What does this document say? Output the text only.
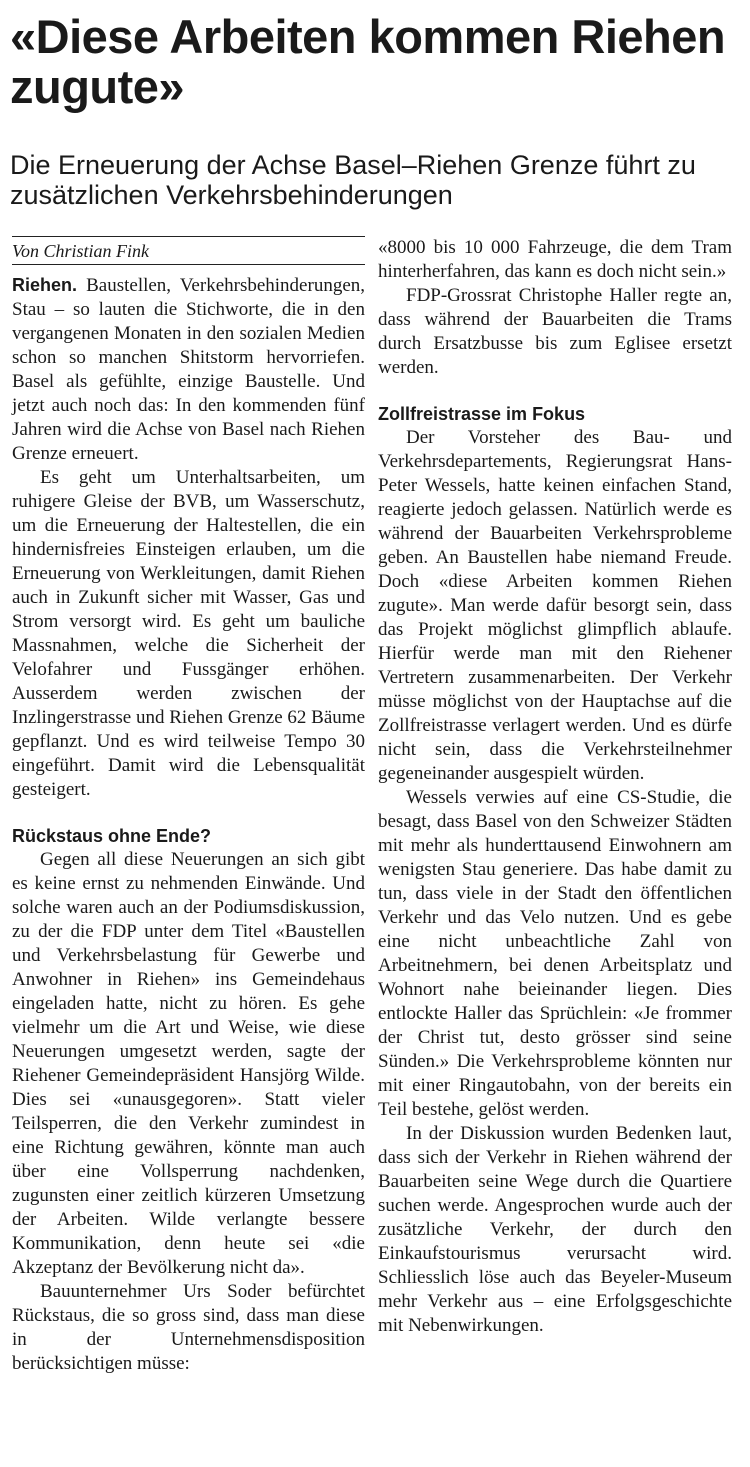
«Diese Arbeiten kommen Riehen zugute»
Die Erneuerung der Achse Basel–Riehen Grenze führt zu zusätzlichen Verkehrsbehinderungen
Von Christian Fink

Riehen. Baustellen, Verkehrsbehinderungen, Stau – so lauten die Stichworte, die in den vergangenen Monaten in den sozialen Medien schon so manchen Shitstorm hervorriefen. Basel als gefühlte, einzige Baustelle. Und jetzt auch noch das: In den kommenden fünf Jahren wird die Achse von Basel nach Riehen Grenze erneuert.

Es geht um Unterhaltsarbeiten, um ruhigere Gleise der BVB, um Wasserschutz, um die Erneuerung der Haltestellen, die ein hindernisfreies Einsteigen erlauben, um die Erneuerung von Werkleitungen, damit Riehen auch in Zukunft sicher mit Wasser, Gas und Strom versorgt wird. Es geht um bauliche Massnahmen, welche die Sicherheit der Velofahrer und Fussgänger erhöhen. Ausserdem werden zwischen der Inzlingerstrasse und Riehen Grenze 62 Bäume gepflanzt. Und es wird teilweise Tempo 30 eingeführt. Damit wird die Lebensqualität gesteigert.

Rückstaus ohne Ende?

Gegen all diese Neuerungen an sich gibt es keine ernst zu nehmenden Einwände. Und solche waren auch an der Podiumsdiskussion, zu der die FDP unter dem Titel «Baustellen und Verkehrsbelastung für Gewerbe und Anwohner in Riehen» ins Gemeindehaus eingeladen hatte, nicht zu hören. Es gehe vielmehr um die Art und Weise, wie diese Neuerungen umgesetzt werden, sagte der Riehener Gemeindepräsident Hansjörg Wilde. Dies sei «unausgegoren». Statt vieler Teilsperren, die den Verkehr zumindest in eine Richtung gewähren, könnte man auch über eine Vollsperrung nachdenken, zugunsten einer zeitlich kürzeren Umsetzung der Arbeiten. Wilde verlangte bessere Kommunikation, denn heute sei «die Akzeptanz der Bevölkerung nicht da».

Bauunternehmer Urs Soder befürchtet Rückstaus, die so gross sind, dass man diese in der Unternehmensdisposition berücksichtigen müsse:

«8000 bis 10 000 Fahrzeuge, die dem Tram hinterherfahren, das kann es doch nicht sein.»

FDP-Grossrat Christophe Haller regte an, dass während der Bauarbeiten die Trams durch Ersatzbusse bis zum Eglisee ersetzt werden.

Zollfreistrasse im Fokus

Der Vorsteher des Bau- und Verkehrsdepartements, Regierungsrat Hans-Peter Wessels, hatte keinen einfachen Stand, reagierte jedoch gelassen. Natürlich werde es während der Bauarbeiten Verkehrsprobleme geben. An Baustellen habe niemand Freude. Doch «diese Arbeiten kommen Riehen zugute». Man werde dafür besorgt sein, dass das Projekt möglichst glimpflich ablaufe. Hierfür werde man mit den Riehener Vertretern zusammenarbeiten. Der Verkehr müsse möglichst von der Hauptachse auf die Zollfreistrasse verlagert werden. Und es dürfe nicht sein, dass die Verkehrsteilnehmer gegeneinander ausgespielt würden.

Wessels verwies auf eine CS-Studie, die besagt, dass Basel von den Schweizer Städten mit mehr als hunderttausend Einwohnern am wenigsten Stau generiere. Das habe damit zu tun, dass viele in der Stadt den öffentlichen Verkehr und das Velo nutzen. Und es gebe eine nicht unbeachtliche Zahl von Arbeitnehmern, bei denen Arbeitsplatz und Wohnort nahe beieinander liegen. Dies entlockte Haller das Sprüchlein: «Je frommer der Christ tut, desto grösser sind seine Sünden.» Die Verkehrsprobleme könnten nur mit einer Ringautobahn, von der bereits ein Teil bestehe, gelöst werden.

In der Diskussion wurden Bedenken laut, dass sich der Verkehr in Riehen während der Bauarbeiten seine Wege durch die Quartiere suchen werde. Angesprochen wurde auch der zusätzliche Verkehr, der durch den Einkaufstourismus verursacht wird. Schliesslich löse auch das Beyeler-Museum mehr Verkehr aus – eine Erfolgsgeschichte mit Nebenwirkungen.
